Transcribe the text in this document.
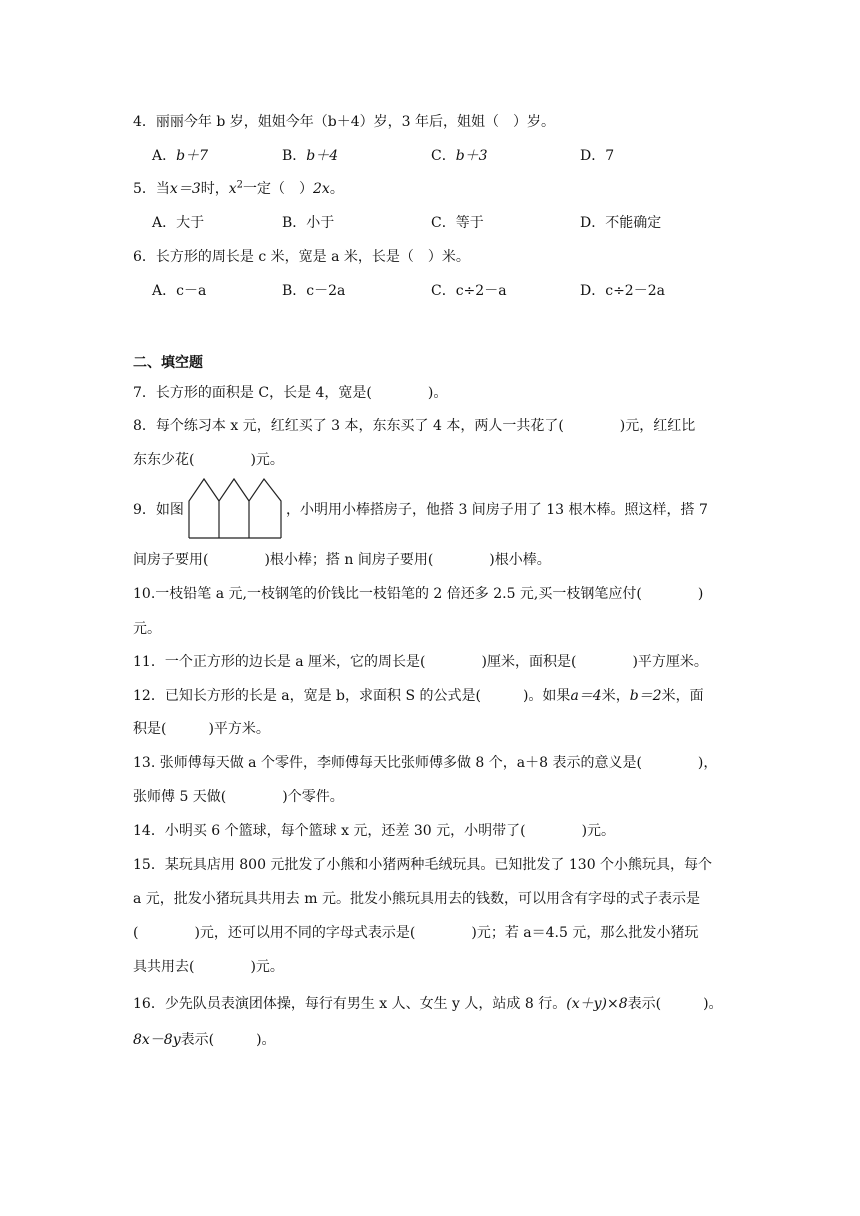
4．丽丽今年 b 岁，姐姐今年（b＋4）岁，3 年后，姐姐（　）岁。
A．b＋7	B．b＋4	C．b＋3	D．7
5．当x＝3时，$x^2$一定（　）2x。
A．大于	B．小于	C．等于	D．不能确定
6．长方形的周长是 c 米，宽是 a 米，长是（　）米。
A．c－a	B．c－2a	C．c÷2－a	D．c÷2－2a
二、填空题
7．长方形的面积是 C，长是 4，宽是(　　　　)。
8．每个练习本 x 元，红红买了 3 本，东东买了 4 本，两人一共花了(　　　　)元，红红比
东东少花(　　　　)元。
9．如图	，小明用小棒搭房子，他搭 3 间房子用了 13 根木棒。照这样，搭 7
间房子要用(　　　　)根小棒；搭 n 间房子要用(　　　　)根小棒。
10.一枝铅笔 a 元,一枝钢笔的价钱比一枝铅笔的 2 倍还多 2.5 元,买一枝钢笔应付(　　　　)
元。
11．一个正方形的边长是 a 厘米，它的周长是(　　　　)厘米，面积是(　　　　)平方厘米。
12．已知长方形的长是 a，宽是 b，求面积 S 的公式是(　　　)。如果a＝4米，b＝2米，面
积是(　　　)平方米。
13. 张师傅每天做 a 个零件，李师傅每天比张师傅多做 8 个，a＋8 表示的意义是(　　　　)，
张师傅 5 天做(　　　　)个零件。
14．小明买 6 个篮球，每个篮球 x 元，还差 30 元，小明带了(　　　　)元。
15．某玩具店用 800 元批发了小熊和小猪两种毛绒玩具。已知批发了 130 个小熊玩具，每个
a 元，批发小猪玩具共用去 m 元。批发小熊玩具用去的钱数，可以用含有字母的式子表示是
(　　　　)元，还可以用不同的字母式表示是(　　　　)元；若 a＝4.5 元，那么批发小猪玩
具共用去(　　　　)元。
16．少先队员表演团体操，每行有男生 x 人、女生 y 人，站成 8 行。(x＋y)×8表示(　　　)。
8x－8y表示(　　　)。
